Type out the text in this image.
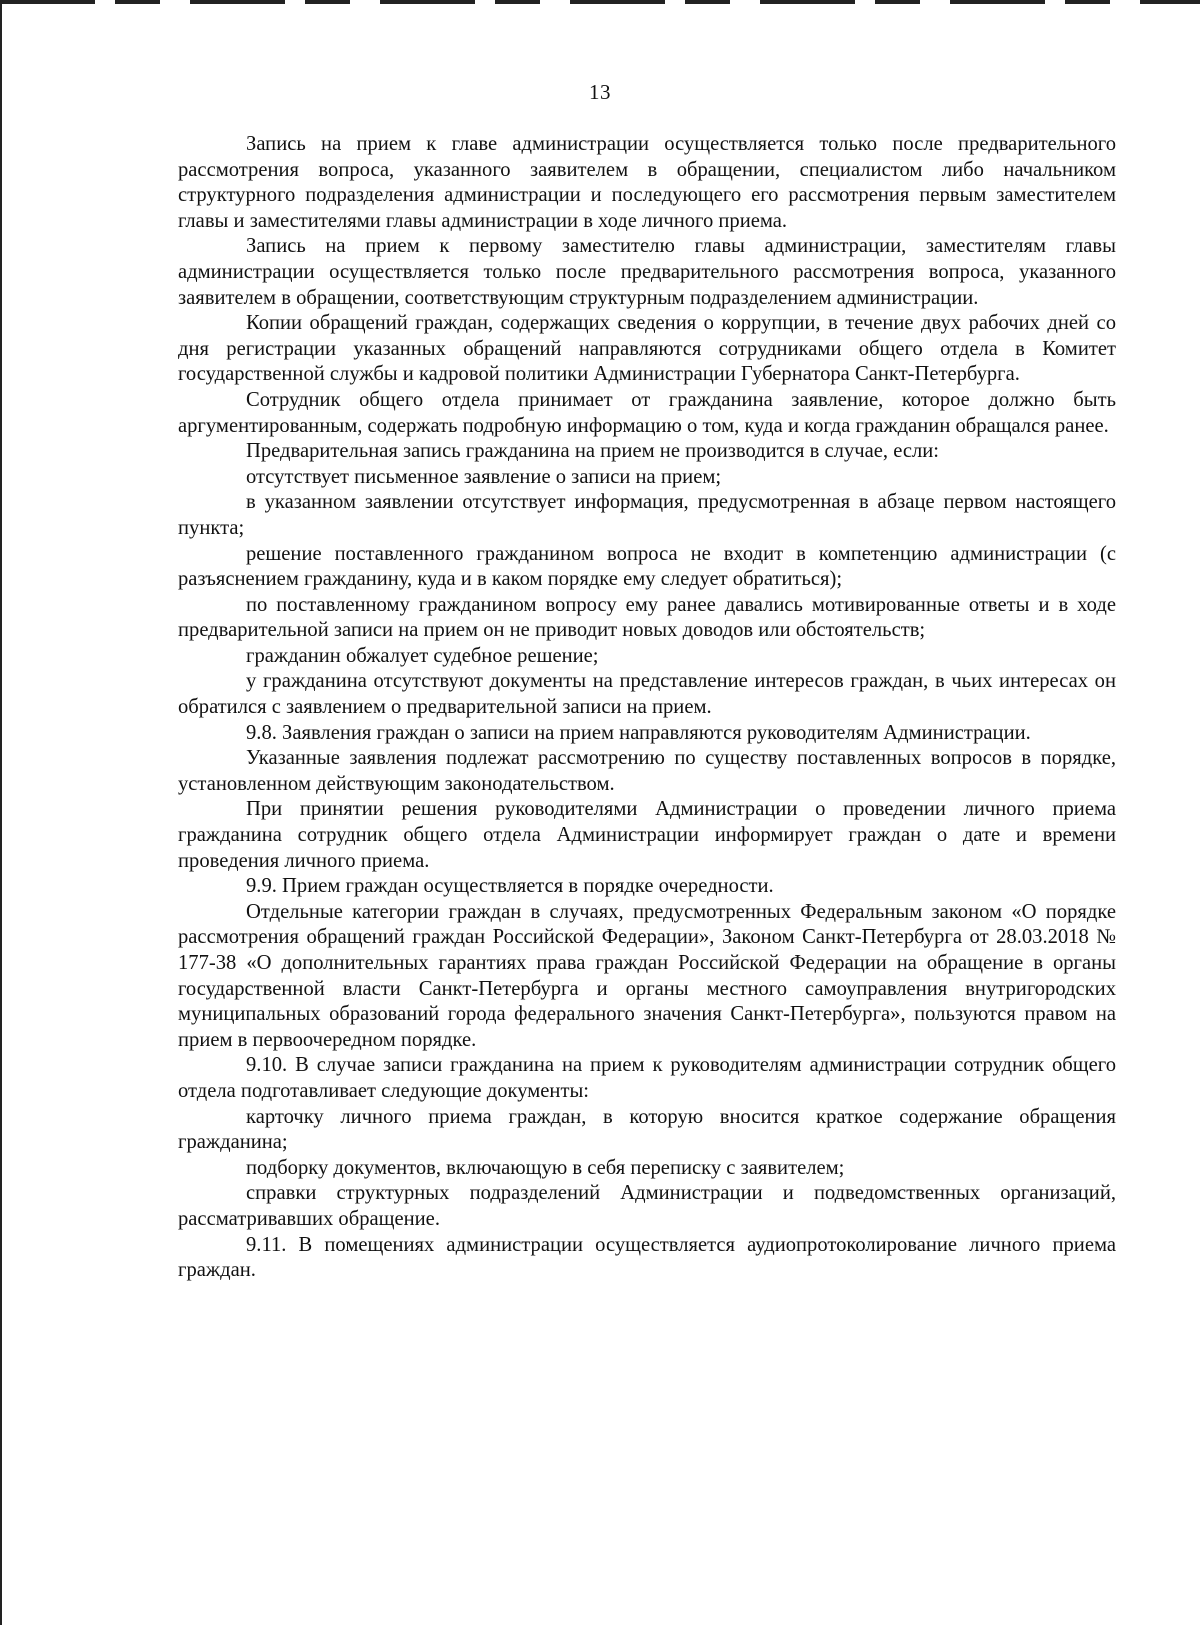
13

Запись на прием к главе администрации осуществляется только после предварительного рассмотрения вопроса, указанного заявителем в обращении, специалистом либо начальником структурного подразделения администрации и последующего его рассмотрения первым заместителем главы и заместителями главы администрации в ходе личного приема.

Запись на прием к первому заместителю главы администрации, заместителям главы администрации осуществляется только после предварительного рассмотрения вопроса, указанного заявителем в обращении, соответствующим структурным подразделением администрации.

Копии обращений граждан, содержащих сведения о коррупции, в течение двух рабочих дней со дня регистрации указанных обращений направляются сотрудниками общего отдела в Комитет государственной службы и кадровой политики Администрации Губернатора Санкт-Петербурга.

Сотрудник общего отдела принимает от гражданина заявление, которое должно быть аргументированным, содержать подробную информацию о том, куда и когда гражданин обращался ранее.

Предварительная запись гражданина на прием не производится в случае, если:

отсутствует письменное заявление о записи на прием;

в указанном заявлении отсутствует информация, предусмотренная в абзаце первом настоящего пункта;

решение поставленного гражданином вопроса не входит в компетенцию администрации (с разъяснением гражданину, куда и в каком порядке ему следует обратиться);

по поставленному гражданином вопросу ему ранее давались мотивированные ответы и в ходе предварительной записи на прием он не приводит новых доводов или обстоятельств;

гражданин обжалует судебное решение;

у гражданина отсутствуют документы на представление интересов граждан, в чьих интересах он обратился с заявлением о предварительной записи на прием.

9.8. Заявления граждан о записи на прием направляются руководителям Администрации.

Указанные заявления подлежат рассмотрению по существу поставленных вопросов в порядке, установленном действующим законодательством.

При принятии решения руководителями Администрации о проведении личного приема гражданина сотрудник общего отдела Администрации информирует граждан о дате и времени проведения личного приема.

9.9. Прием граждан осуществляется в порядке очередности.

Отдельные категории граждан в случаях, предусмотренных Федеральным законом «О порядке рассмотрения обращений граждан Российской Федерации», Законом Санкт-Петербурга от 28.03.2018 № 177-38 «О дополнительных гарантиях права граждан Российской Федерации на обращение в органы государственной власти Санкт-Петербурга и органы местного самоуправления внутригородских муниципальных образований города федерального значения Санкт-Петербурга», пользуются правом на прием в первоочередном порядке.

9.10. В случае записи гражданина на прием к руководителям администрации сотрудник общего отдела подготавливает следующие документы:

карточку личного приема граждан, в которую вносится краткое содержание обращения гражданина;

подборку документов, включающую в себя переписку с заявителем;

справки структурных подразделений Администрации и подведомственных организаций, рассматривавших обращение.

9.11. В помещениях администрации осуществляется аудиопротоколирование личного приема граждан.
